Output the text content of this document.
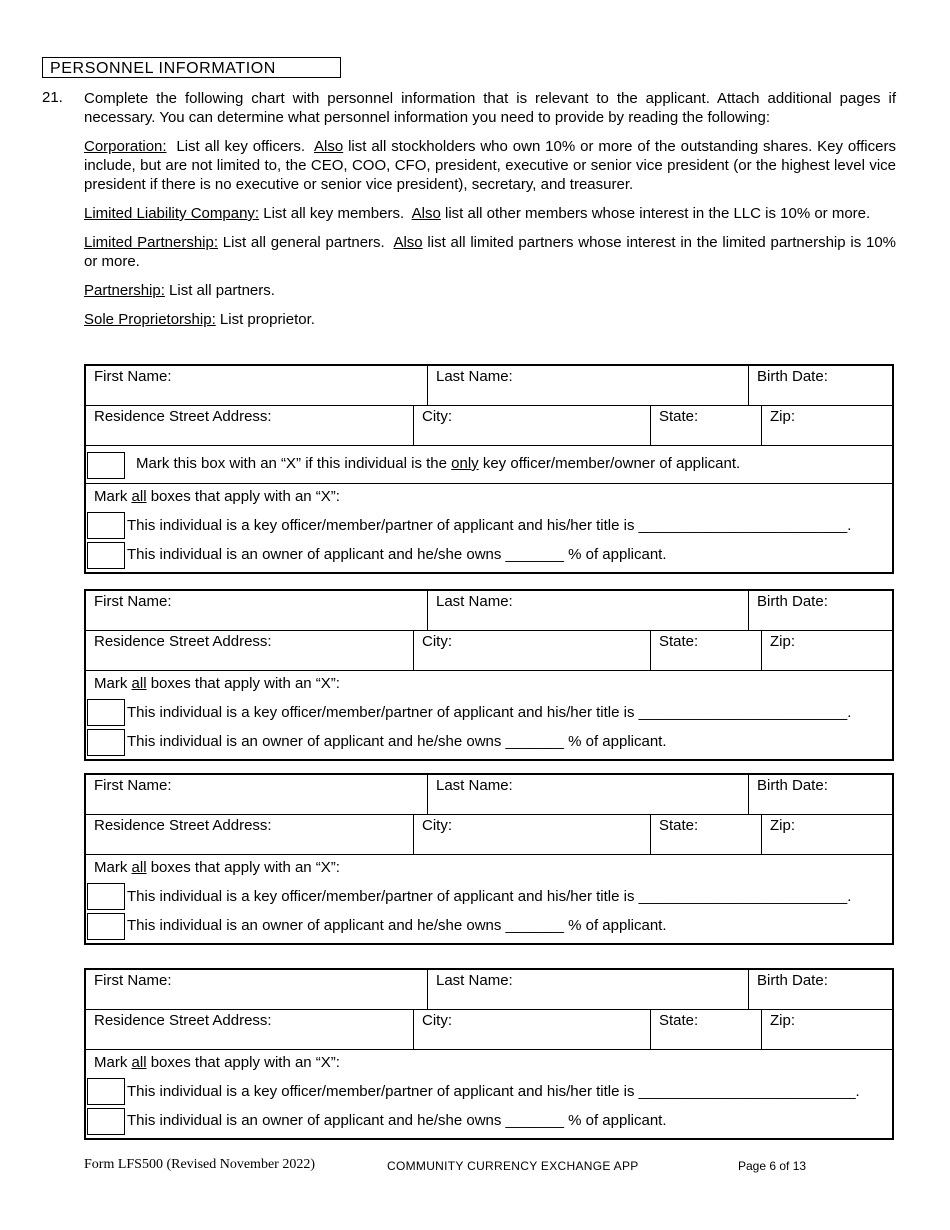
PERSONNEL INFORMATION
21. Complete the following chart with personnel information that is relevant to the applicant. Attach additional pages if necessary. You can determine what personnel information you need to provide by reading the following:

Corporation: List all key officers. Also list all stockholders who own 10% or more of the outstanding shares. Key officers include, but are not limited to, the CEO, COO, CFO, president, executive or senior vice president (or the highest level vice president if there is no executive or senior vice president), secretary, and treasurer.

Limited Liability Company: List all key members. Also list all other members whose interest in the LLC is 10% or more.

Limited Partnership: List all general partners. Also list all limited partners whose interest in the limited partnership is 10% or more.

Partnership: List all partners.

Sole Proprietorship: List proprietor.

First Name:	Last Name:	Birth Date:
Residence Street Address:	City:	State:	Zip:
Mark this box with an “X” if this individual is the only key officer/member/owner of applicant.
Mark all boxes that apply with an “X”:
This individual is a key officer/member/partner of applicant and his/her title is _________________________.
This individual is an owner of applicant and he/she owns _______ % of applicant.
First Name:	Last Name:	Birth Date:
Residence Street Address:	City:	State:	Zip:
Mark all boxes that apply with an “X”:
This individual is a key officer/member/partner of applicant and his/her title is _________________________.
This individual is an owner of applicant and he/she owns _______ % of applicant.
First Name:	Last Name:	Birth Date:
Residence Street Address:	City:	State:	Zip:
Mark all boxes that apply with an “X”:
This individual is a key officer/member/partner of applicant and his/her title is _________________________.
This individual is an owner of applicant and he/she owns _______ % of applicant.
First Name:	Last Name:	Birth Date:
Residence Street Address:	City:	State:	Zip:
Mark all boxes that apply with an “X”:
This individual is a key officer/member/partner of applicant and his/her title is __________________________.
This individual is an owner of applicant and he/she owns _______ % of applicant.
Form LFS500 (Revised November 2022)	COMMUNITY CURRENCY EXCHANGE APP	Page 6 of 13
